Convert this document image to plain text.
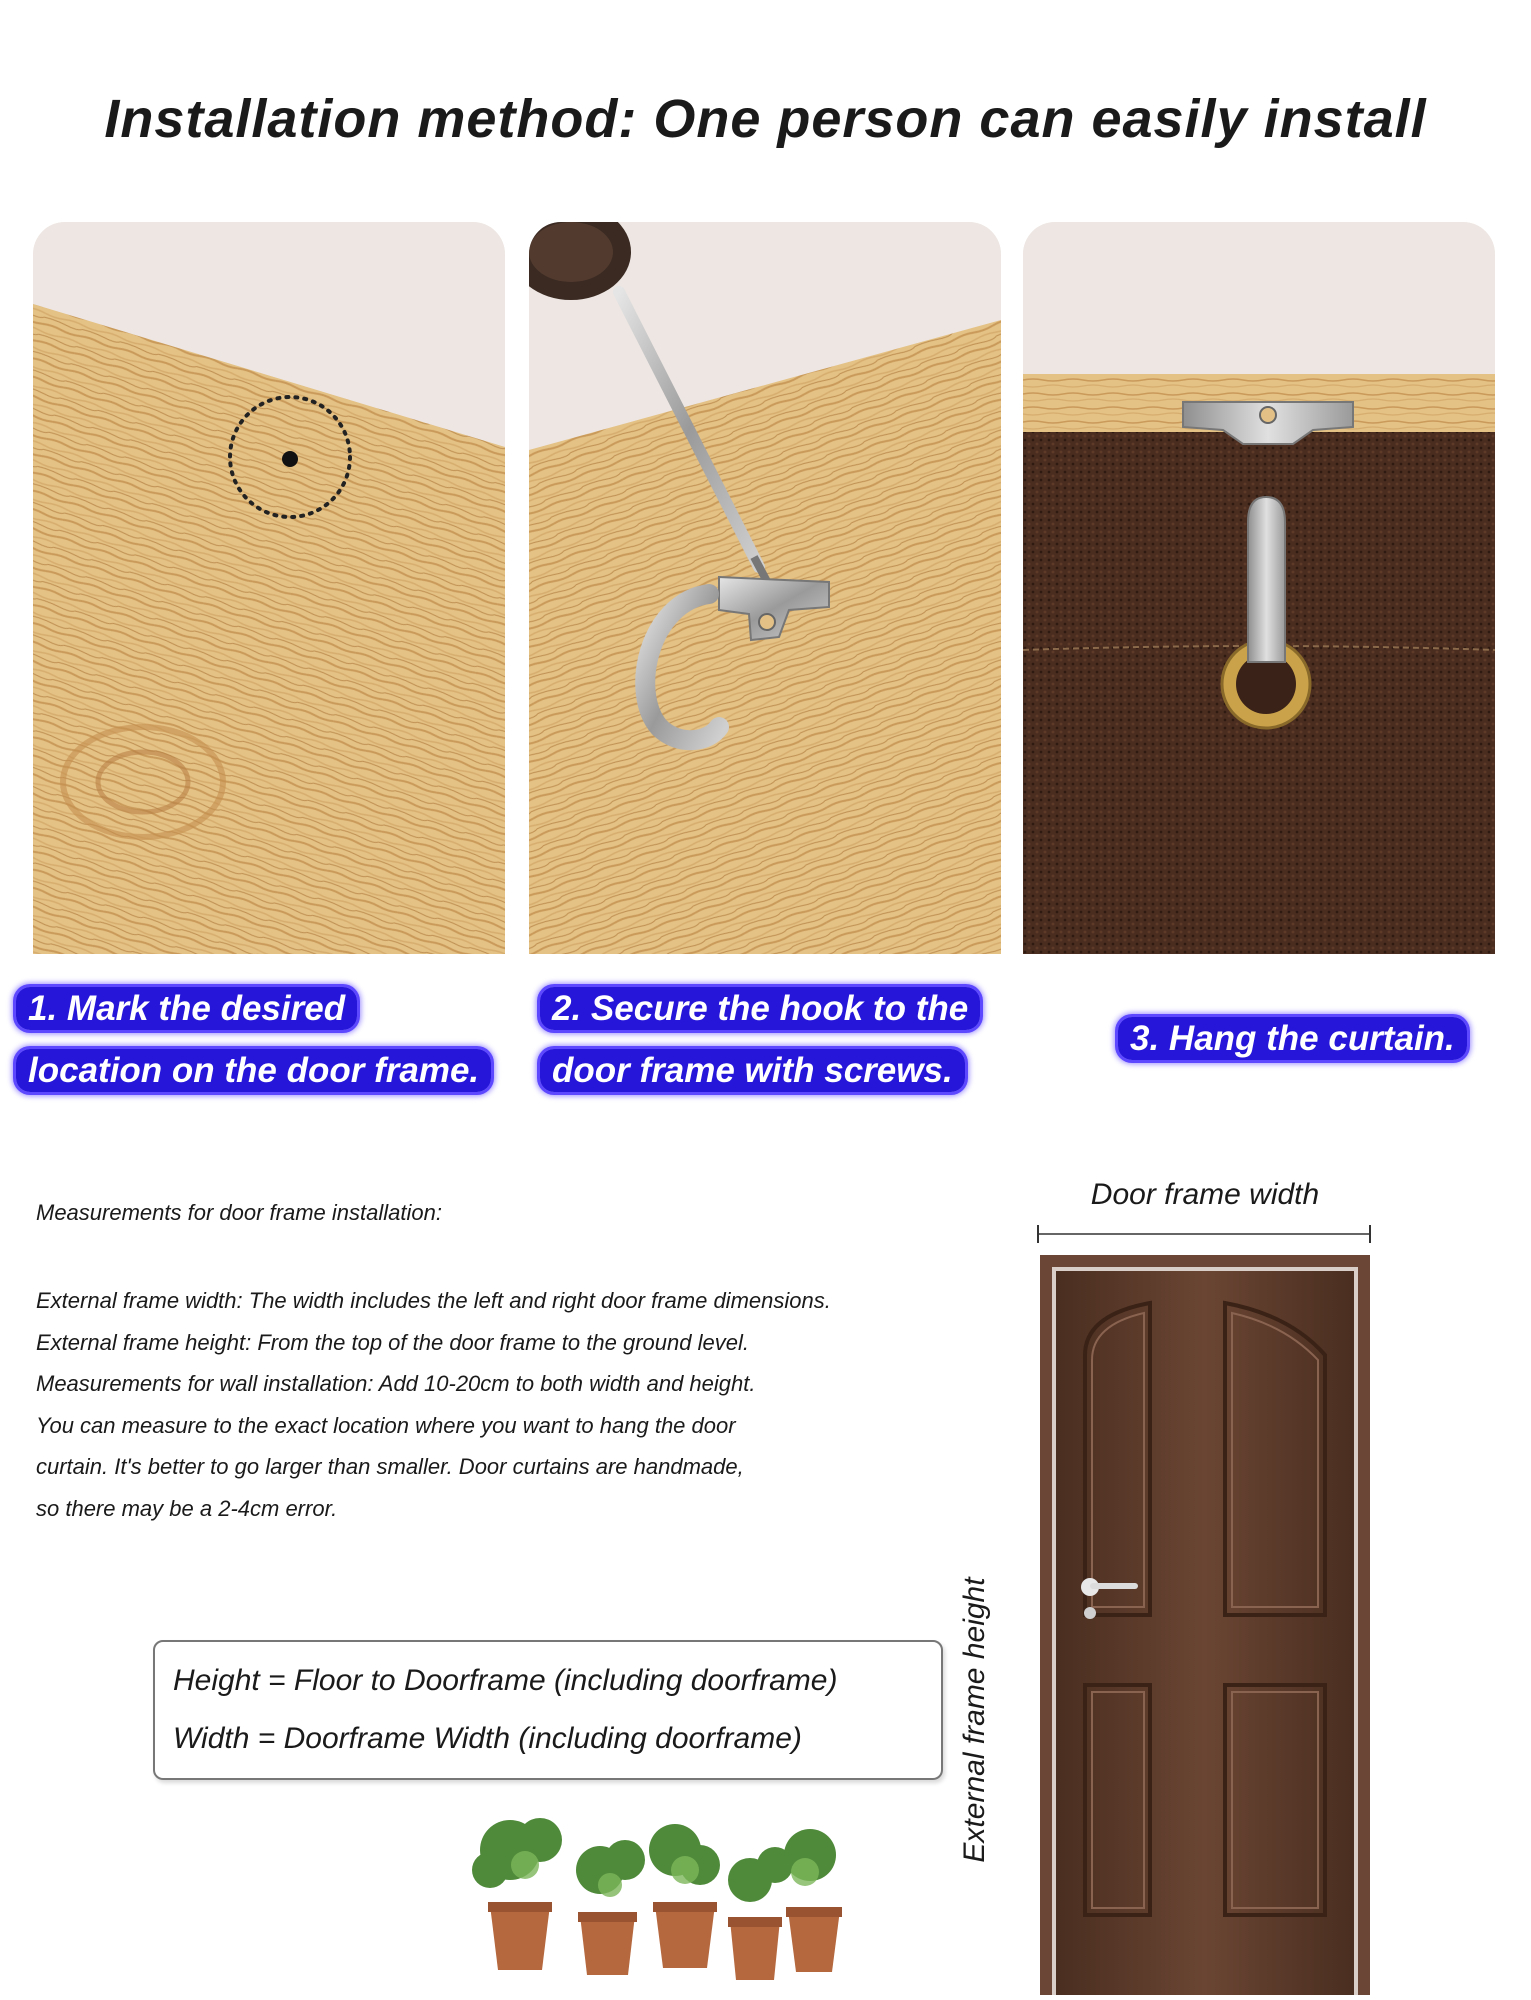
Installation method: One person can easily install
1. Mark the desired
location on the door frame.
2. Secure the hook to the
door frame with screws.
3. Hang the curtain.
Measurements for door frame installation:
External frame width: The width includes the left and right door frame dimensions.
External frame height: From the top of the door frame to the ground level.
Measurements for wall installation: Add 10-20cm to both width and height.
You can measure to the exact location where you want to hang the door
curtain. It's better to go larger than smaller. Door curtains are handmade,
so there may be a 2-4cm error.
Height = Floor to Doorframe (including doorframe)
Width = Doorframe Width (including doorframe)
Door frame width
External frame height
